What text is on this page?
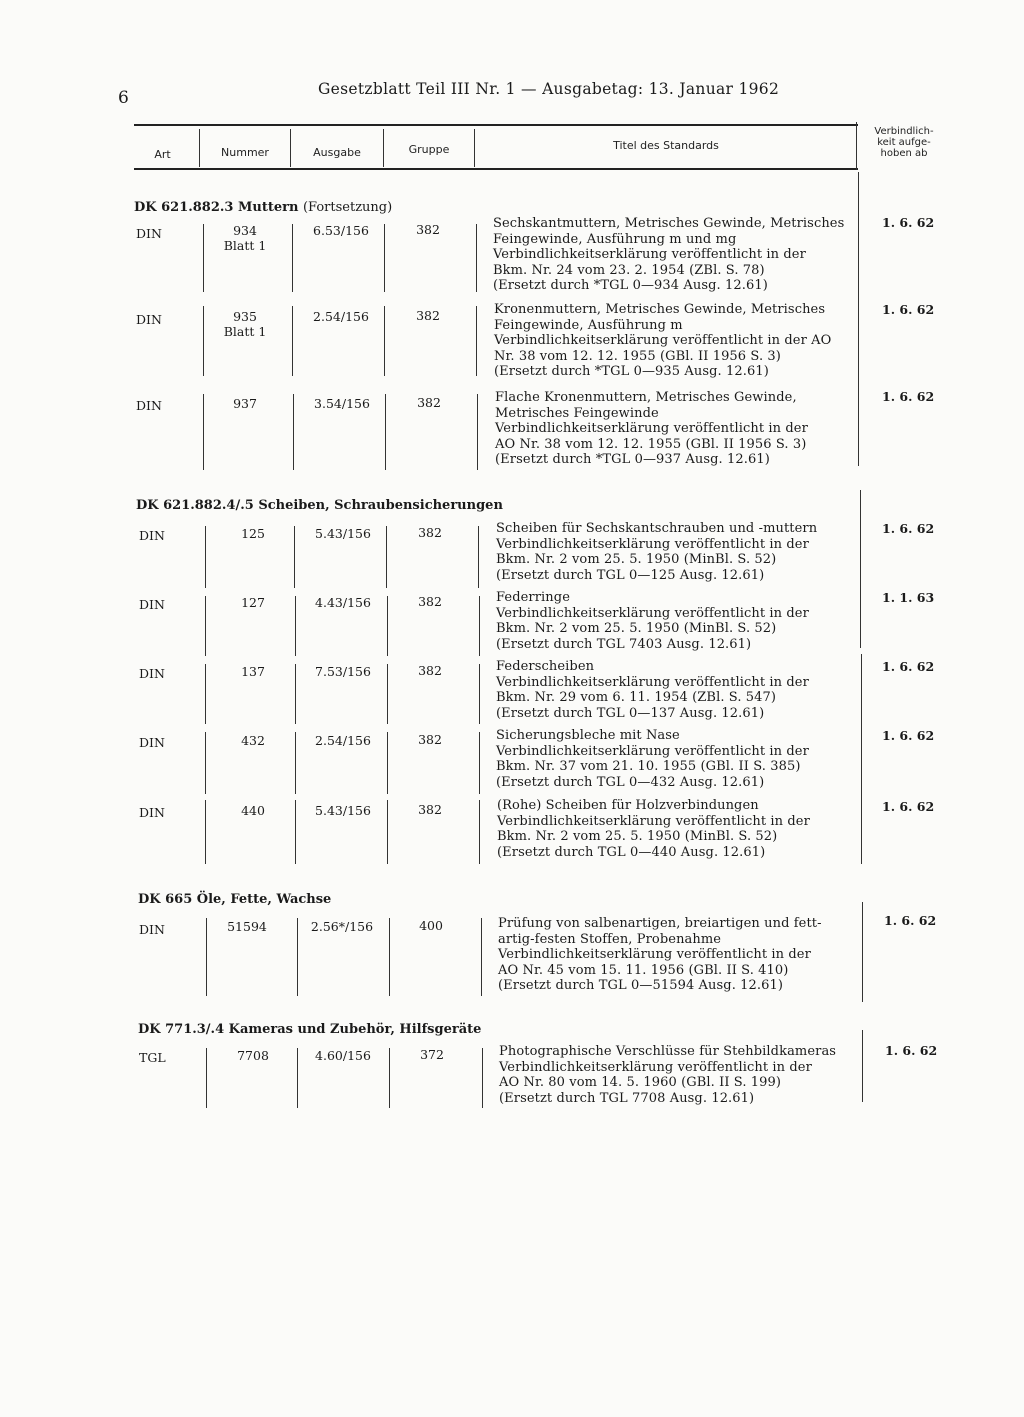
6	Gesetzblatt Teil III Nr. 1 — Ausgabetag: 13. Januar 1962
Art	Nummer	Ausgabe	Gruppe	Titel des Standards
Verbindlich-
keit aufge-
hoben ab
DK 621.882.3 Muttern (Fortsetzung)
DIN	934
Blatt 1
6.53/156	382	Sechskantmuttern, Metrisches Gewinde, Metrisches
Feingewinde, Ausführung m und mg
Verbindlichkeitserklärung veröffentlicht in der
Bkm. Nr. 24 vom 23. 2. 1954 (ZBl. S. 78)
(Ersetzt durch *TGL 0—934 Ausg. 12.61)
1. 6. 62
DIN	935
Blatt 1
2.54/156	382	Kronenmuttern, Metrisches Gewinde, Metrisches
Feingewinde, Ausführung m
Verbindlichkeitserklärung veröffentlicht in der AO
Nr. 38 vom 12. 12. 1955 (GBl. II 1956 S. 3)
(Ersetzt durch *TGL 0—935 Ausg. 12.61)
1. 6. 62
DIN	937	3.54/156	382	Flache Kronenmuttern, Metrisches Gewinde,
Metrisches Feingewinde
Verbindlichkeitserklärung veröffentlicht in der
AO Nr. 38 vom 12. 12. 1955 (GBl. II 1956 S. 3)
(Ersetzt durch *TGL 0—937 Ausg. 12.61)
1. 6. 62
DK 621.882.4/.5 Scheiben, Schraubensicherungen
DIN	125	5.43/156	382	Scheiben für Sechskantschrauben und -muttern
Verbindlichkeitserklärung veröffentlicht in der
Bkm. Nr. 2 vom 25. 5. 1950 (MinBl. S. 52)
(Ersetzt durch TGL 0—125 Ausg. 12.61)
1. 6. 62
DIN	127	4.43/156	382	Federringe
Verbindlichkeitserklärung veröffentlicht in der
Bkm. Nr. 2 vom 25. 5. 1950 (MinBl. S. 52)
(Ersetzt durch TGL 7403 Ausg. 12.61)
1. 1. 63
DIN	137	7.53/156	382	Federscheiben
Verbindlichkeitserklärung veröffentlicht in der
Bkm. Nr. 29 vom 6. 11. 1954 (ZBl. S. 547)
(Ersetzt durch TGL 0—137 Ausg. 12.61)
1. 6. 62
DIN	432	2.54/156	382	Sicherungsbleche mit Nase
Verbindlichkeitserklärung veröffentlicht in der
Bkm. Nr. 37 vom 21. 10. 1955 (GBl. II S. 385)
(Ersetzt durch TGL 0—432 Ausg. 12.61)
1. 6. 62
DIN	440	5.43/156	382	(Rohe) Scheiben für Holzverbindungen
Verbindlichkeitserklärung veröffentlicht in der
Bkm. Nr. 2 vom 25. 5. 1950 (MinBl. S. 52)
(Ersetzt durch TGL 0—440 Ausg. 12.61)
1. 6. 62
DK 665 Öle, Fette, Wachse
DIN	51594	2.56*/156	400	Prüfung von salbenartigen, breiartigen und fett-
artig-festen Stoffen, Probenahme
Verbindlichkeitserklärung veröffentlicht in der
AO Nr. 45 vom 15. 11. 1956 (GBl. II S. 410)
(Ersetzt durch TGL 0—51594 Ausg. 12.61)
1. 6. 62
DK 771.3/.4 Kameras und Zubehör, Hilfsgeräte
TGL	7708	4.60/156	372	Photographische Verschlüsse für Stehbildkameras
Verbindlichkeitserklärung veröffentlicht in der
AO Nr. 80 vom 14. 5. 1960 (GBl. II S. 199)
(Ersetzt durch TGL 7708 Ausg. 12.61)
1. 6. 62
